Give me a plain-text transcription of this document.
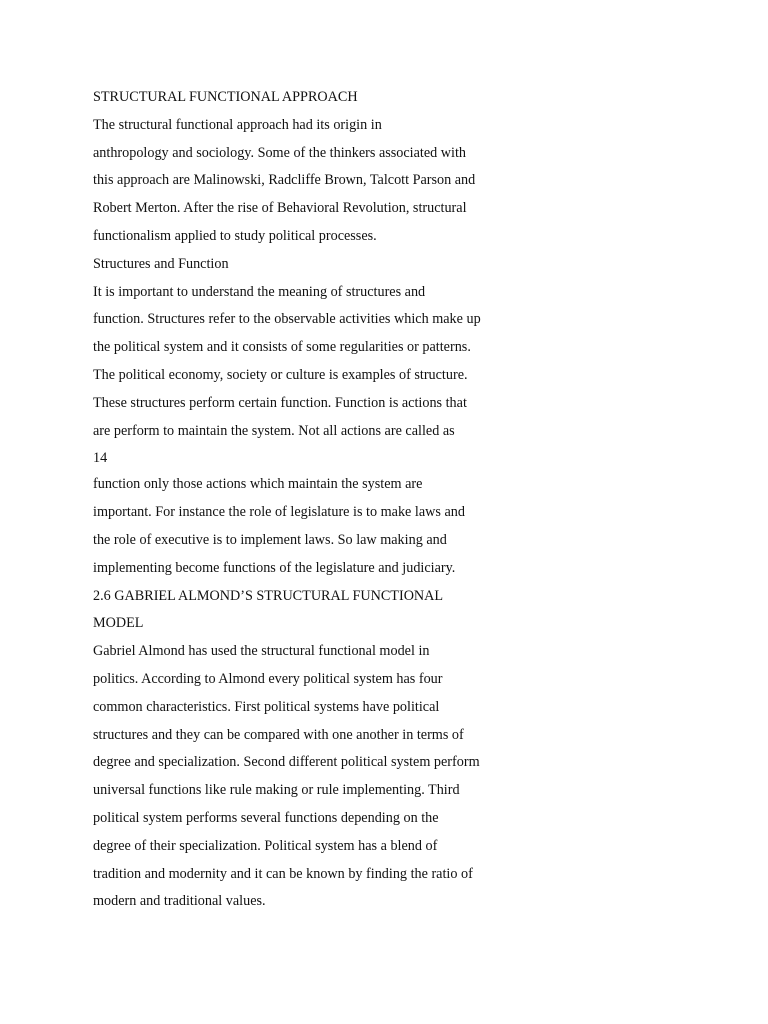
STRUCTURAL FUNCTIONAL APPROACH
The structural functional approach had its origin in
anthropology and sociology. Some of the thinkers associated with
this approach are Malinowski, Radcliffe Brown, Talcott Parson and
Robert Merton. After the rise of Behavioral Revolution, structural
functionalism applied to study political processes.
Structures and Function
It is important to understand the meaning of structures and
function. Structures refer to the observable activities which make up
the political system and it consists of some regularities or patterns.
The political economy, society or culture is examples of structure.
These structures perform certain function. Function is actions that
are perform to maintain the system. Not all actions are called as
14
function only those actions which maintain the system are
important. For instance the role of legislature is to make laws and
the role of executive is to implement laws. So law making and
implementing become functions of the legislature and judiciary.
2.6 GABRIEL ALMOND’S STRUCTURAL FUNCTIONAL
MODEL
Gabriel Almond has used the structural functional model in
politics. According to Almond every political system has four
common characteristics. First political systems have political
structures and they can be compared with one another in terms of
degree and specialization. Second different political system perform
universal functions like rule making or rule implementing. Third
political system performs several functions depending on the
degree of their specialization. Political system has a blend of
tradition and modernity and it can be known by finding the ratio of
modern and traditional values.
